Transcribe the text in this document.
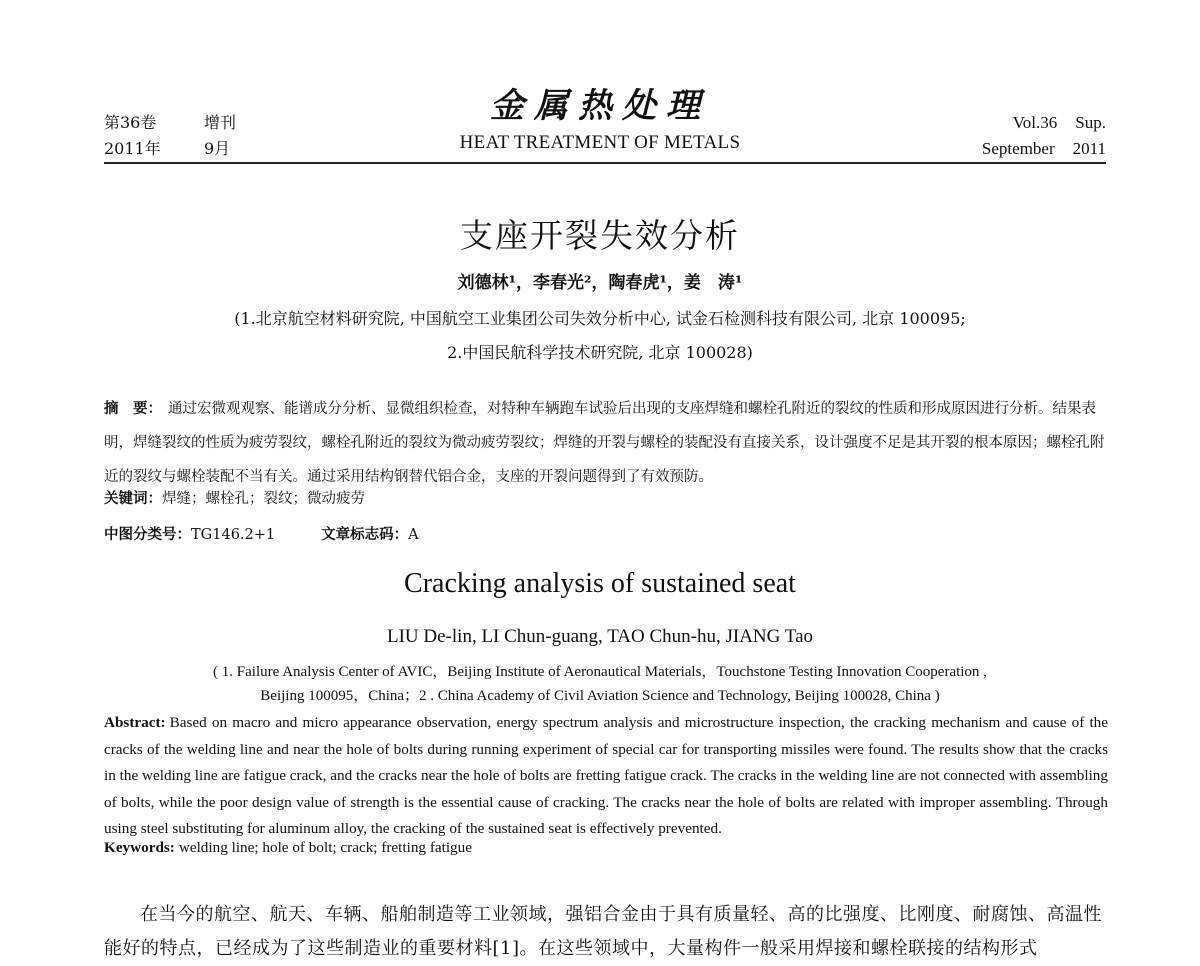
第36卷	增刊
2011年	9月
金属热处理
HEAT TREATMENT OF METALS
Vol.36 Sup.
September 2011
支座开裂失效分析
刘德林¹，李春光²，陶春虎¹，姜　涛¹
(1.北京航空材料研究院, 中国航空工业集团公司失效分析中心, 试金石检测科技有限公司, 北京 100095;
2.中国民航科学技术研究院, 北京 100028)
摘　要： 通过宏微观观察、能谱成分分析、显微组织检查，对特种车辆跑车试验后出现的支座焊缝和螺栓孔附近的裂纹的性质和形成原因进行分析。结果表明，焊缝裂纹的性质为疲劳裂纹，螺栓孔附近的裂纹为微动疲劳裂纹；焊缝的开裂与螺栓的装配没有直接关系，设计强度不足是其开裂的根本原因；螺栓孔附近的裂纹与螺栓装配不当有关。通过采用结构钢替代铝合金，支座的开裂问题得到了有效预防。
关键词：焊缝；螺栓孔；裂纹；微动疲劳
中图分类号：TG146.2+1	文章标志码：A
Cracking analysis of sustained seat
LIU De-lin, LI Chun-guang, TAO Chun-hu, JIANG Tao
( 1. Failure Analysis Center of AVIC，Beijing Institute of Aeronautical Materials，Touchstone Testing Innovation Cooperation ,
Beijing 100095，China；2 . China Academy of Civil Aviation Science and Technology, Beijing 100028, China )
Abstract: Based on macro and micro appearance observation, energy spectrum analysis and microstructure inspection, the cracking mechanism and cause of the cracks of the welding line and near the hole of bolts during running experiment of special car for transporting missiles were found. The results show that the cracks in the welding line are fatigue crack, and the cracks near the hole of bolts are fretting fatigue crack. The cracks in the welding line are not connected with assembling of bolts, while the poor design value of strength is the essential cause of cracking. The cracks near the hole of bolts are related with improper assembling. Through using steel substituting for aluminum alloy, the cracking of the sustained seat is effectively prevented.
Keywords: welding line; hole of bolt; crack; fretting fatigue
在当今的航空、航天、车辆、船舶制造等工业领域，强铝合金由于具有质量轻、高的比强度、比刚度、耐腐蚀、高温性能好的特点，已经成为了这些制造业的重要材料[1]。在这些领域中，大量构件一般采用焊接和螺栓联接的结构形式
